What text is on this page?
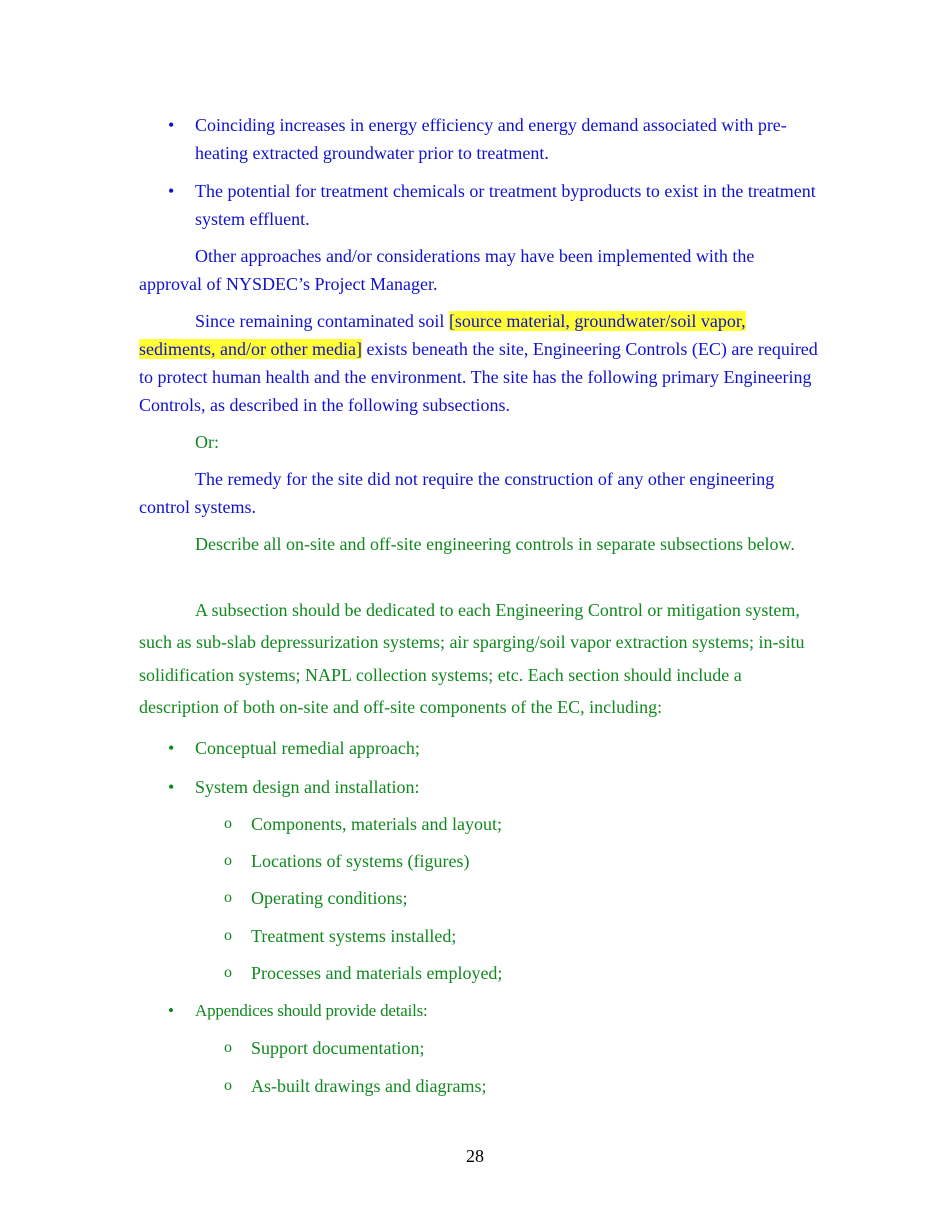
• Coinciding increases in energy efficiency and energy demand associated with pre-heating extracted groundwater prior to treatment.
• The potential for treatment chemicals or treatment byproducts to exist in the treatment system effluent.
Other approaches and/or considerations may have been implemented with the approval of NYSDEC’s Project Manager.
Since remaining contaminated soil [source material, groundwater/soil vapor, sediments, and/or other media] exists beneath the site, Engineering Controls (EC) are required to protect human health and the environment. The site has the following primary Engineering Controls, as described in the following subsections.
Or:
The remedy for the site did not require the construction of any other engineering control systems.
Describe all on-site and off-site engineering controls in separate subsections below.
A subsection should be dedicated to each Engineering Control or mitigation system, such as sub-slab depressurization systems; air sparging/soil vapor extraction systems; in-situ solidification systems; NAPL collection systems; etc. Each section should include a description of both on-site and off-site components of the EC, including:
• Conceptual remedial approach;
• System design and installation:
o Components, materials and layout;
o Locations of systems (figures)
o Operating conditions;
o Treatment systems installed;
o Processes and materials employed;
• Appendices should provide details:
o Support documentation;
o As-built drawings and diagrams;
28
